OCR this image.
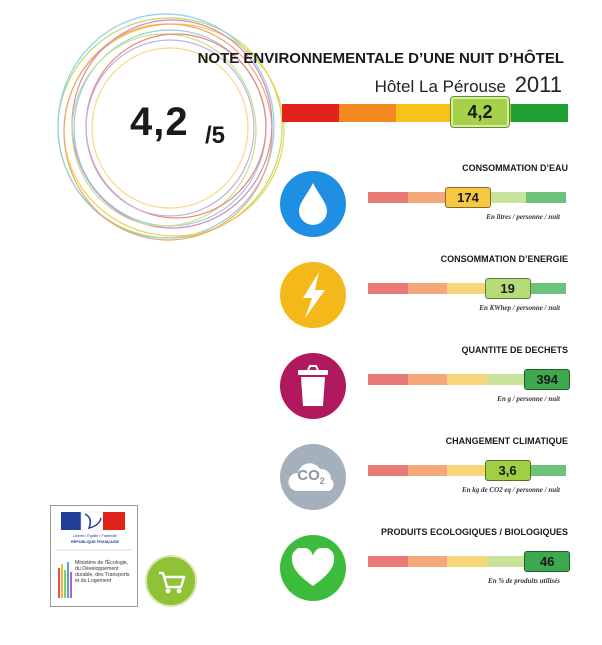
4,2 /5
NOTE ENVIRONNEMENTALE D’UNE NUIT D’HÔTEL
Hôtel La Pérouse 2011
4,2
CONSOMMATION D’EAU
174
En litres / personne / nuit
CONSOMMATION D’ENERGIE
19
En KWhep / personne / nuit
QUANTITE DE DECHETS
394
En g / personne / nuit
$CO_2$
CHANGEMENT CLIMATIQUE
3,6
En kg de CO2 eq / personne / nuit
PRODUITS ECOLOGIQUES / BIOLOGIQUES
46
En % de produits utilisés
Liberté • Égalité • Fraternité
RÉPUBLIQUE FRANÇAISE
Ministère de l'Écologie, du Développement durable, des Transports et du Logement
